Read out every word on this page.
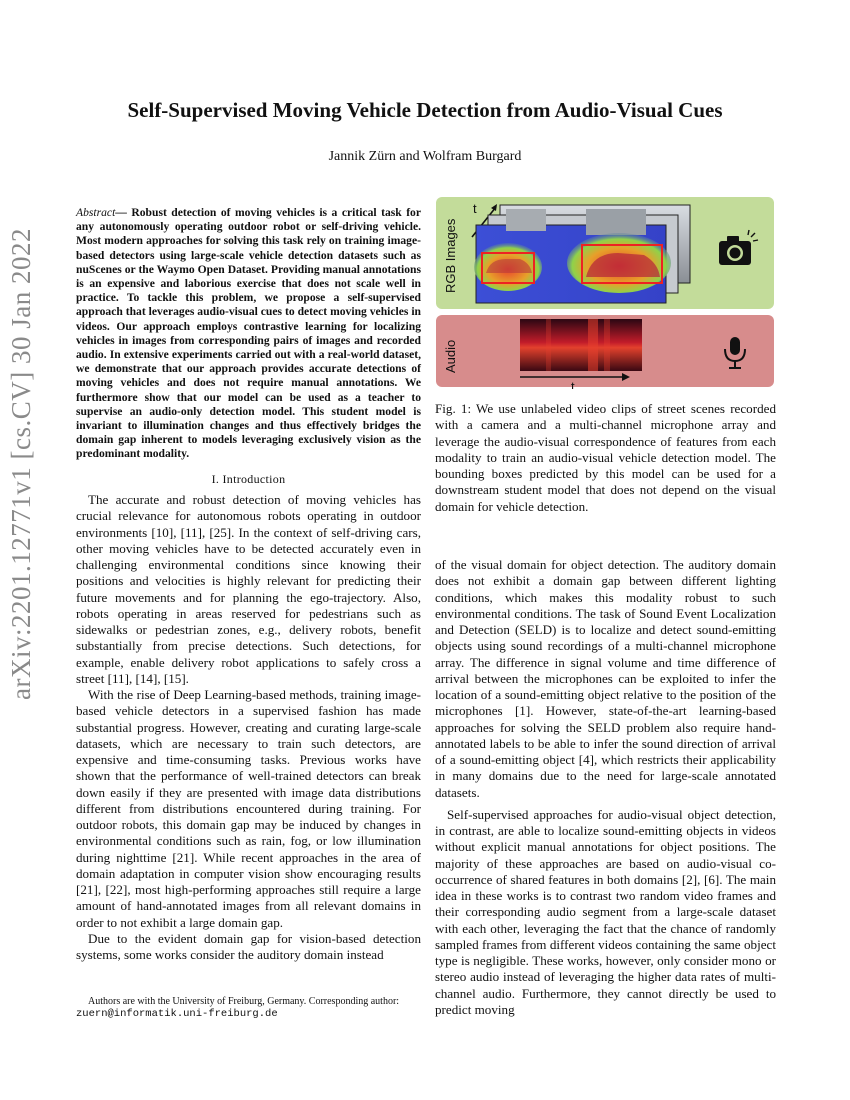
arXiv:2201.12771v1 [cs.CV] 30 Jan 2022
Self-Supervised Moving Vehicle Detection from Audio-Visual Cues
Jannik Zürn and Wolfram Burgard

Abstract— Robust detection of moving vehicles is a critical task for any autonomously operating outdoor robot or self-driving vehicle. Most modern approaches for solving this task rely on training image-based detectors using large-scale vehicle detection datasets such as nuScenes or the Waymo Open Dataset. Providing manual annotations is an expensive and laborious exercise that does not scale well in practice. To tackle this problem, we propose a self-supervised approach that leverages audio-visual cues to detect moving vehicles in videos. Our approach employs contrastive learning for localizing vehicles in images from corresponding pairs of images and recorded audio. In extensive experiments carried out with a real-world dataset, we demonstrate that our approach provides accurate detections of moving vehicles and does not require manual annotations. We furthermore show that our model can be used as a teacher to supervise an audio-only detection model. This student model is invariant to illumination changes and thus effectively bridges the domain gap inherent to models leveraging exclusively vision as the predominant modality.

I. Introduction

The accurate and robust detection of moving vehicles has crucial relevance for autonomous robots operating in outdoor environments [10], [11], [25]. In the context of self-driving cars, other moving vehicles have to be detected accurately even in challenging environmental conditions since knowing their positions and velocities is highly relevant for predicting their future movements and for planning the ego-trajectory. Also, robots operating in areas reserved for pedestrians such as sidewalks or pedestrian zones, e.g., delivery robots, benefit substantially from precise detections. Such detections, for example, enable delivery robot applications to safely cross a street [11], [14], [15].

With the rise of Deep Learning-based methods, training image-based vehicle detectors in a supervised fashion has made substantial progress. However, creating and curating large-scale datasets, which are necessary to train such detectors, are expensive and time-consuming tasks. Previous works have shown that the performance of well-trained detectors can break down easily if they are presented with image data distributions different from distributions encountered during training. For outdoor robots, this domain gap may be induced by changes in environmental conditions such as rain, fog, or low illumination during nighttime [21]. While recent approaches in the area of domain adaptation in computer vision show encouraging results [21], [22], most high-performing approaches still require a large amount of hand-annotated images from all relevant domains in order to not exhibit a large domain gap.

Due to the evident domain gap for vision-based detection systems, some works consider the auditory domain instead

Authors are with the University of Freiburg, Germany. Corresponding author: zuern@informatik.uni-freiburg.de

RGB Images
t
Audio
t

Fig. 1: We use unlabeled video clips of street scenes recorded with a camera and a multi-channel microphone array and leverage the audio-visual correspondence of features from each modality to train an audio-visual vehicle detection model. The bounding boxes predicted by this model can be used for a downstream student model that does not depend on the visual domain for vehicle detection.

of the visual domain for object detection. The auditory domain does not exhibit a domain gap between different lighting conditions, which makes this modality robust to such environmental conditions. The task of Sound Event Localization and Detection (SELD) is to localize and detect sound-emitting objects using sound recordings of a multi-channel microphone array. The difference in signal volume and time difference of arrival between the microphones can be exploited to infer the location of a sound-emitting object relative to the position of the microphones [1]. However, state-of-the-art learning-based approaches for solving the SELD problem also require hand-annotated labels to be able to infer the sound direction of arrival of a sound-emitting object [4], which restricts their applicability in many domains due to the need for large-scale annotated datasets.

Self-supervised approaches for audio-visual object detection, in contrast, are able to localize sound-emitting objects in videos without explicit manual annotations for object positions. The majority of these approaches are based on audio-visual co-occurrence of shared features in both domains [2], [6]. The main idea in these works is to contrast two random video frames and their corresponding audio segment from a large-scale dataset with each other, leveraging the fact that the chance of randomly sampled frames from different videos containing the same object type is negligible. These works, however, only consider mono or stereo audio instead of leveraging the higher data rates of multi-channel audio. Furthermore, they cannot directly be used to predict moving
